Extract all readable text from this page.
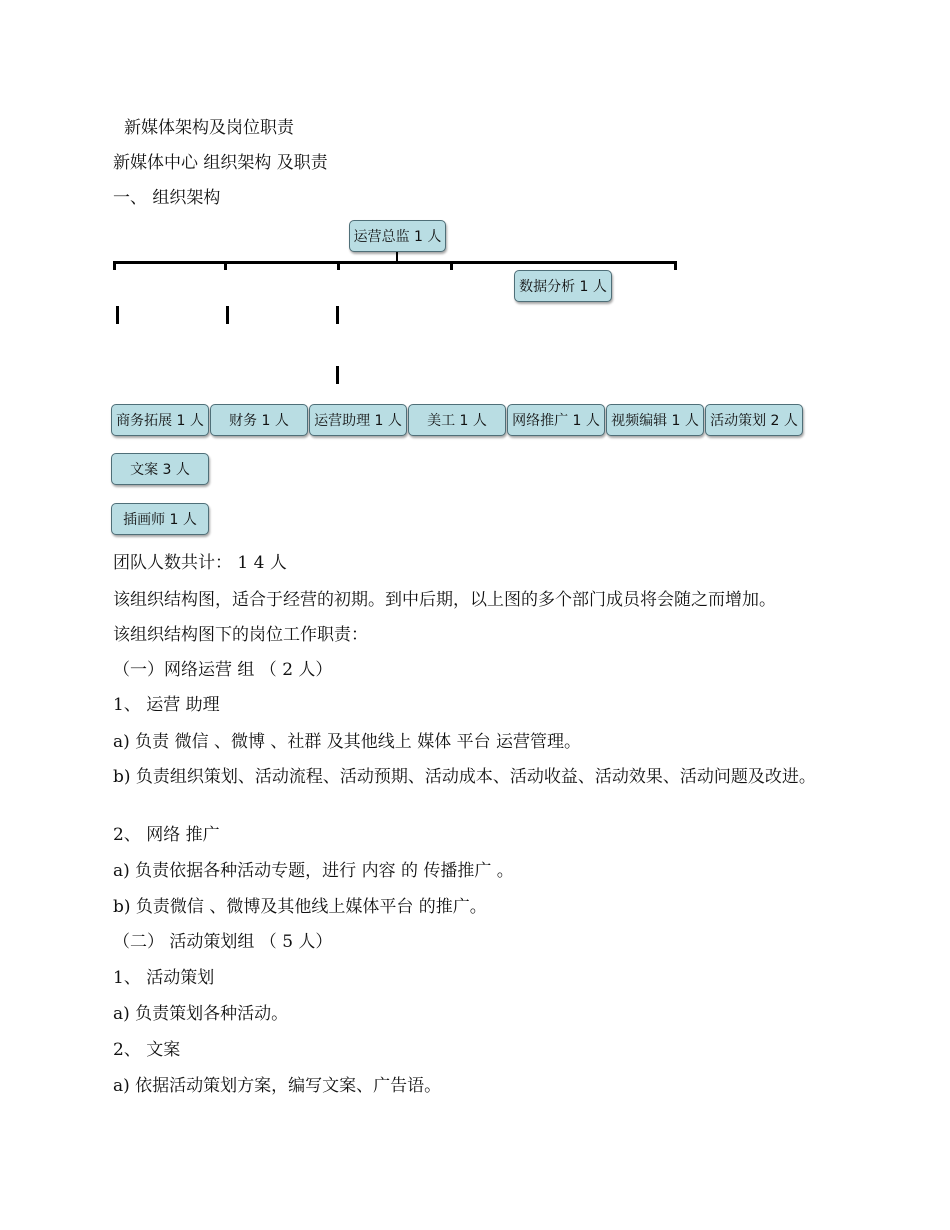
新媒体架构及岗位职责
新媒体中心 组织架构 及职责
一、 组织架构
运营总监 1 人
数据分析 1 人
商务拓展 1 人	财务 1 人	运营助理 1 人	美工 1 人	网络推广 1 人 视频编辑 1 人 活动策划 2 人
文案 3 人
插画师 1 人
团队人数共计： 1 4 人
该组织结构图，适合于经营的初期。到中后期，以上图的多个部门成员将会随之而增加。
该组织结构图下的岗位工作职责：
（一）网络运营 组 （ 2 人）
1、 运营 助理
a) 负责 微信 、微博 、社群 及其他线上 媒体 平台 运营管理。
b) 负责组织策划、活动流程、活动预期、活动成本、活动收益、活动效果、活动问题及改进。
2、 网络 推广
a) 负责依据各种活动专题，进行 内容 的 传播推广 。
b) 负责微信 、微博及其他线上媒体平台 的推广。
（二） 活动策划组 （ 5 人）
1、 活动策划
a) 负责策划各种活动。
2、 文案
a) 依据活动策划方案，编写文案、广告语。
